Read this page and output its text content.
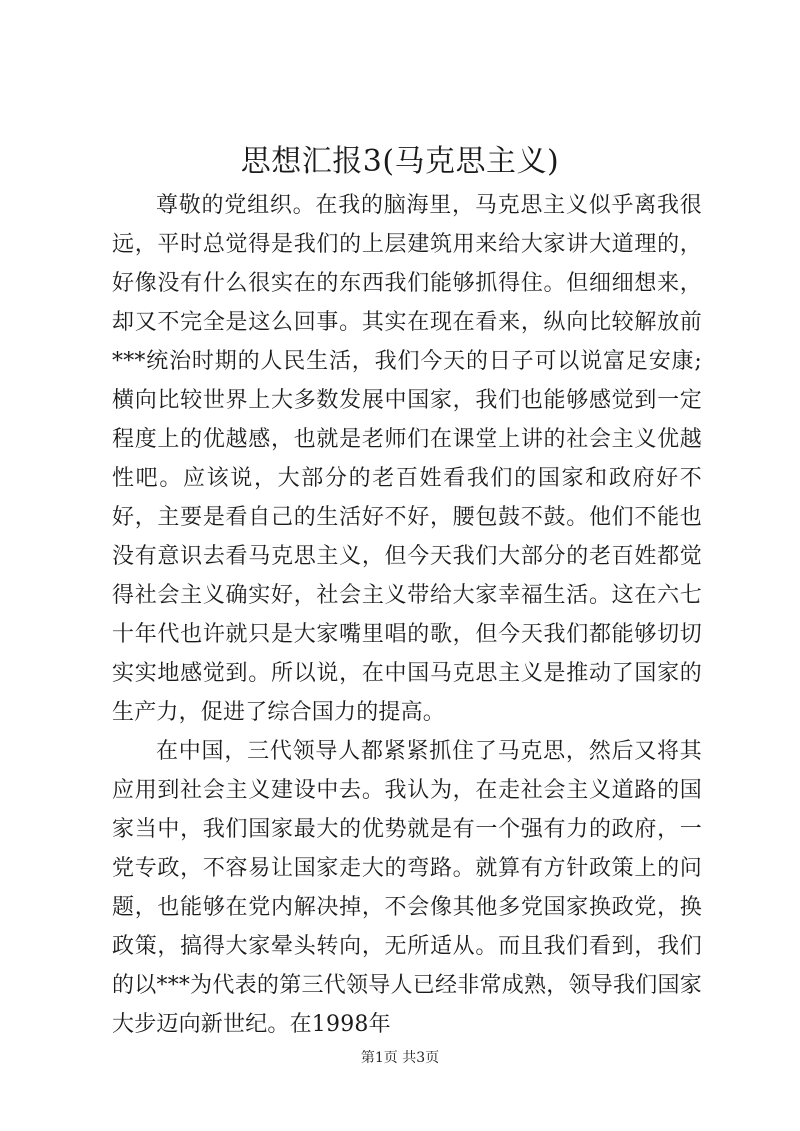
思想汇报3(马克思主义)

尊敬的党组织。在我的脑海里，马克思主义似乎离我很远，平时总觉得是我们的上层建筑用来给大家讲大道理的，好像没有什么很实在的东西我们能够抓得住。但细细想来，却又不完全是这么回事。其实在现在看来，纵向比较解放前***统治时期的人民生活，我们今天的日子可以说富足安康;横向比较世界上大多数发展中国家，我们也能够感觉到一定程度上的优越感，也就是老师们在课堂上讲的社会主义优越性吧。应该说，大部分的老百姓看我们的国家和政府好不好，主要是看自己的生活好不好，腰包鼓不鼓。他们不能也没有意识去看马克思主义，但今天我们大部分的老百姓都觉得社会主义确实好，社会主义带给大家幸福生活。这在六七十年代也许就只是大家嘴里唱的歌，但今天我们都能够切切实实地感觉到。所以说，在中国马克思主义是推动了国家的生产力，促进了综合国力的提高。

在中国，三代领导人都紧紧抓住了马克思，然后又将其应用到社会主义建设中去。我认为，在走社会主义道路的国家当中，我们国家最大的优势就是有一个强有力的政府，一党专政，不容易让国家走大的弯路。就算有方针政策上的问题，也能够在党内解决掉，不会像其他多党国家换政党，换政策，搞得大家晕头转向，无所适从。而且我们看到，我们的以***为代表的第三代领导人已经非常成熟，领导我们国家大步迈向新世纪。在1998年

第1页 共3页
